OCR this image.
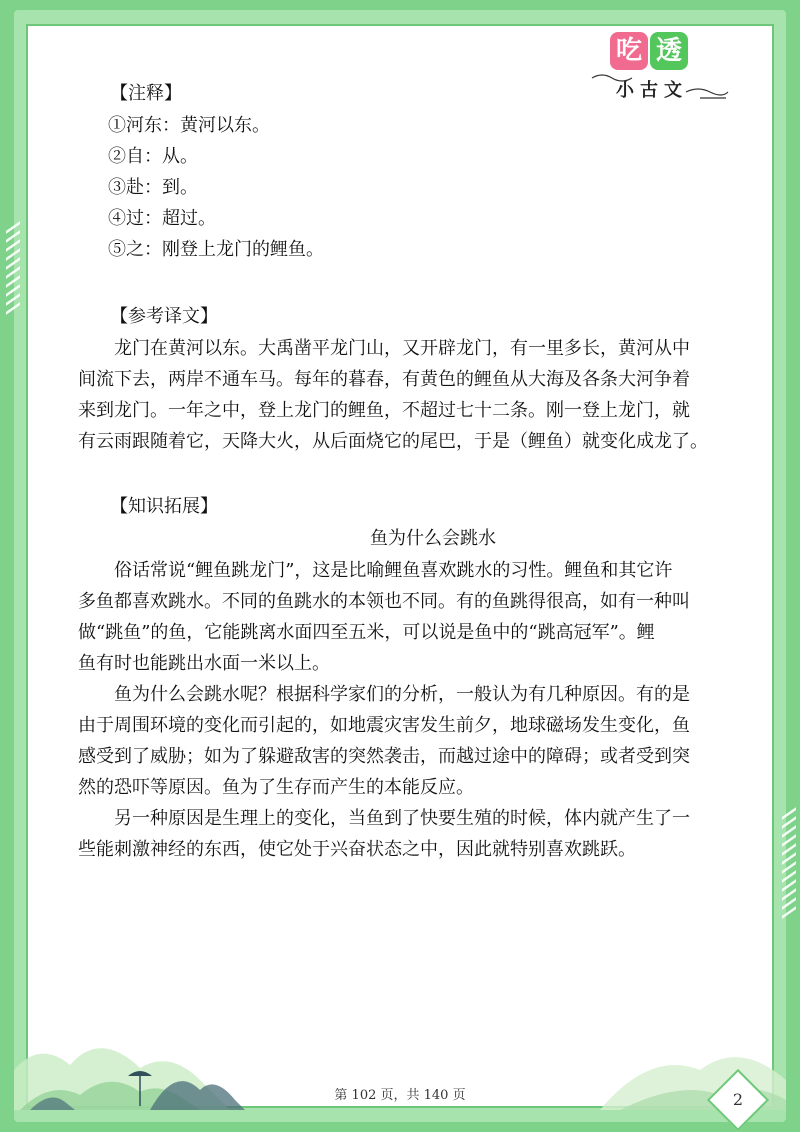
吃 透
小古文

【注释】

①河东：黄河以东。

②自：从。

③赴：到。

④过：超过。

⑤之：刚登上龙门的鲤鱼。

【参考译文】

龙门在黄河以东。大禹凿平龙门山，又开辟龙门，有一里多长，黄河从中

间流下去，两岸不通车马。每年的暮春，有黄色的鲤鱼从大海及各条大河争着

来到龙门。一年之中，登上龙门的鲤鱼，不超过七十二条。刚一登上龙门，就

有云雨跟随着它，天降大火，从后面烧它的尾巴，于是（鲤鱼）就变化成龙了。

【知识拓展】

鱼为什么会跳水

俗话常说“鲤鱼跳龙门”，这是比喻鲤鱼喜欢跳水的习性。鲤鱼和其它许

多鱼都喜欢跳水。不同的鱼跳水的本领也不同。有的鱼跳得很高，如有一种叫

做“跳鱼”的鱼，它能跳离水面四至五米，可以说是鱼中的“跳高冠军”。鲤

鱼有时也能跳出水面一米以上。

鱼为什么会跳水呢？根据科学家们的分析，一般认为有几种原因。有的是

由于周围环境的变化而引起的，如地震灾害发生前夕，地球磁场发生变化，鱼

感受到了威胁；如为了躲避敌害的突然袭击，而越过途中的障碍；或者受到突

然的恐吓等原因。鱼为了生存而产生的本能反应。

另一种原因是生理上的变化，当鱼到了快要生殖的时候，体内就产生了一

些能刺激神经的东西，使它处于兴奋状态之中，因此就特别喜欢跳跃。

第 102 页，共 140 页	2
